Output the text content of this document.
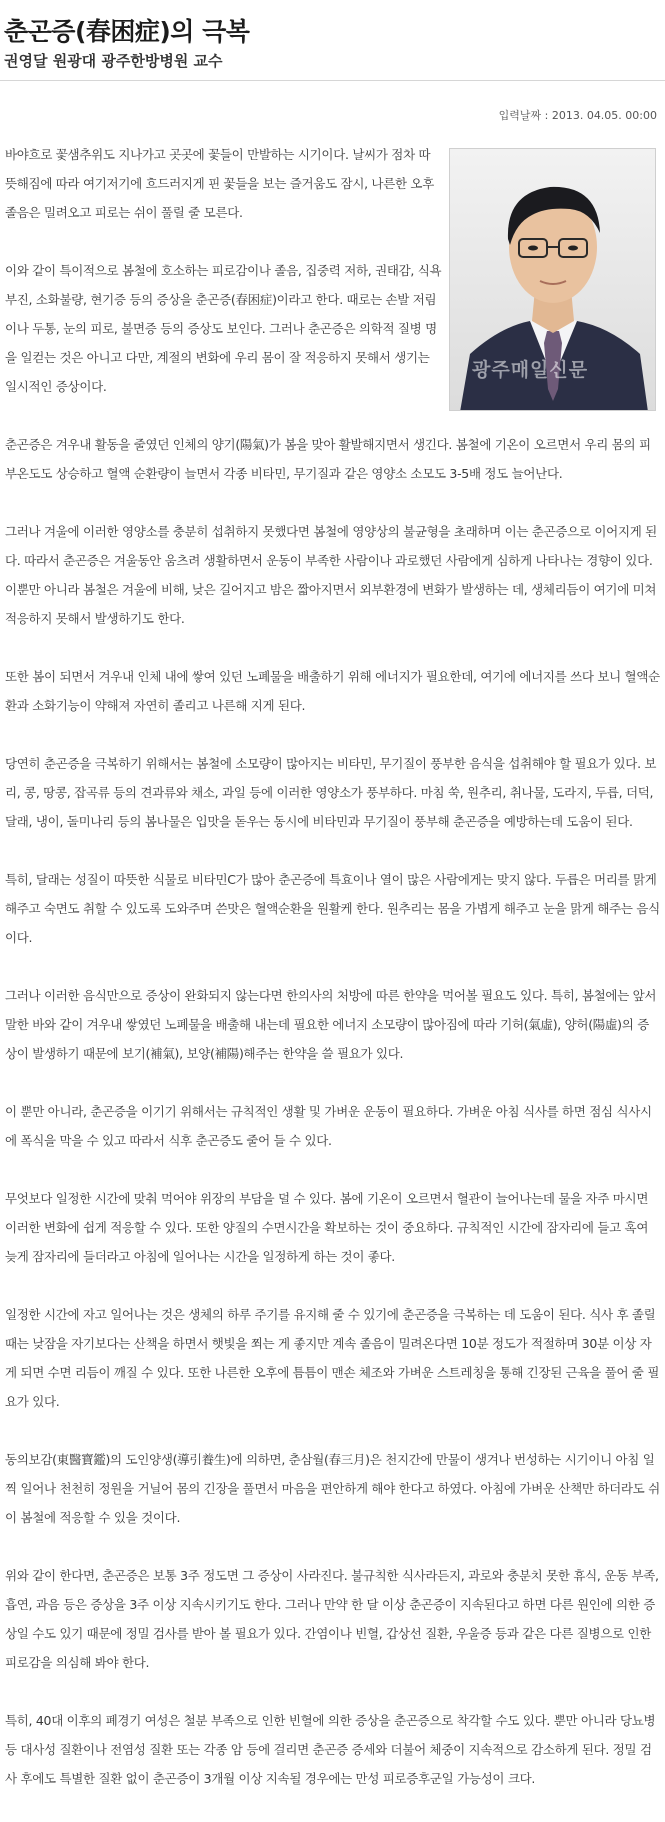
춘곤증(春困症)의 극복
권영달 원광대 광주한방병원 교수
입력날짜 : 2013. 04.05. 00:00
광주매일신문

바야흐로 꽃샘추위도 지나가고 곳곳에 꽃들이 만발하는 시기이다. 날씨가 점차 따뜻해짐에 따라 여기저기에 흐드러지게 핀 꽃들을 보는 즐거움도 잠시, 나른한 오후 졸음은 밀려오고 피로는 쉬이 풀릴 줄 모른다.

이와 같이 특이적으로 봄철에 호소하는 피로감이나 졸음, 집중력 저하, 권태감, 식욕부진, 소화불량, 현기증 등의 증상을 춘곤증(春困症)이라고 한다. 때로는 손발 저림이나 두통, 눈의 피로, 불면증 등의 증상도 보인다. 그러나 춘곤증은 의학적 질병 명을 일컫는 것은 아니고 다만, 계절의 변화에 우리 몸이 잘 적응하지 못해서 생기는 일시적인 증상이다.

춘곤증은 겨우내 활동을 줄였던 인체의 양기(陽氣)가 봄을 맞아 활발해지면서 생긴다. 봄철에 기온이 오르면서 우리 몸의 피부온도도 상승하고 혈액 순환량이 늘면서 각종 비타민, 무기질과 같은 영양소 소모도 3-5배 정도 늘어난다.

그러나 겨울에 이러한 영양소를 충분히 섭취하지 못했다면 봄철에 영양상의 불균형을 초래하며 이는 춘곤증으로 이어지게 된다. 따라서 춘곤증은 겨울동안 움츠려 생활하면서 운동이 부족한 사람이나 과로했던 사람에게 심하게 나타나는 경향이 있다. 이뿐만 아니라 봄철은 겨울에 비해, 낮은 길어지고 밤은 짧아지면서 외부환경에 변화가 발생하는 데, 생체리듬이 여기에 미쳐 적응하지 못해서 발생하기도 한다.

또한 봄이 되면서 겨우내 인체 내에 쌓여 있던 노폐물을 배출하기 위해 에너지가 필요한데, 여기에 에너지를 쓰다 보니 혈액순환과 소화기능이 약해져 자연히 졸리고 나른해 지게 된다.

당연히 춘곤증을 극복하기 위해서는 봄철에 소모량이 많아지는 비타민, 무기질이 풍부한 음식을 섭취해야 할 필요가 있다. 보리, 콩, 땅콩, 잡곡류 등의 견과류와 채소, 과일 등에 이러한 영양소가 풍부하다. 마침 쑥, 원추리, 취나물, 도라지, 두릅, 더덕, 달래, 냉이, 돌미나리 등의 봄나물은 입맛을 돋우는 동시에 비타민과 무기질이 풍부해 춘곤증을 예방하는데 도움이 된다.

특히, 달래는 성질이 따뜻한 식물로 비타민C가 많아 춘곤증에 특효이나 열이 많은 사람에게는 맞지 않다. 두릅은 머리를 맑게 해주고 숙면도 취할 수 있도록 도와주며 쓴맛은 혈액순환을 원활케 한다. 원추리는 몸을 가볍게 해주고 눈을 맑게 해주는 음식이다.

그러나 이러한 음식만으로 증상이 완화되지 않는다면 한의사의 처방에 따른 한약을 먹어볼 필요도 있다. 특히, 봄철에는 앞서 말한 바와 같이 겨우내 쌓였던 노폐물을 배출해 내는데 필요한 에너지 소모량이 많아짐에 따라 기허(氣虛), 양허(陽虛)의 증상이 발생하기 때문에 보기(補氣), 보양(補陽)해주는 한약을 쓸 필요가 있다.

이 뿐만 아니라, 춘곤증을 이기기 위해서는 규칙적인 생활 및 가벼운 운동이 필요하다. 가벼운 아침 식사를 하면 점심 식사시에 폭식을 막을 수 있고 따라서 식후 춘곤증도 줄어 들 수 있다.

무엇보다 일정한 시간에 맞춰 먹어야 위장의 부담을 덜 수 있다. 봄에 기온이 오르면서 혈관이 늘어나는데 물을 자주 마시면 이러한 변화에 쉽게 적응할 수 있다. 또한 양질의 수면시간을 확보하는 것이 중요하다. 규칙적인 시간에 잠자리에 들고 혹여 늦게 잠자리에 들더라고 아침에 일어나는 시간을 일정하게 하는 것이 좋다.

일정한 시간에 자고 일어나는 것은 생체의 하루 주기를 유지해 줄 수 있기에 춘곤증을 극복하는 데 도움이 된다. 식사 후 졸릴 때는 낮잠을 자기보다는 산책을 하면서 햇빛을 쬐는 게 좋지만 계속 졸음이 밀려온다면 10분 정도가 적절하며 30분 이상 자게 되면 수면 리듬이 깨질 수 있다. 또한 나른한 오후에 틈틈이 맨손 체조와 가벼운 스트레칭을 통해 긴장된 근육을 풀어 줄 필요가 있다.

동의보감(東醫寶鑑)의 도인양생(導引養生)에 의하면, 춘삼월(春三月)은 천지간에 만물이 생겨나 번성하는 시기이니 아침 일찍 일어나 천천히 정원을 거닐어 몸의 긴장을 풀면서 마음을 편안하게 해야 한다고 하였다. 아침에 가벼운 산책만 하더라도 쉬이 봄철에 적응할 수 있을 것이다.

위와 같이 한다면, 춘곤증은 보통 3주 정도면 그 증상이 사라진다. 불규칙한 식사라든지, 과로와 충분치 못한 휴식, 운동 부족, 흡연, 과음 등은 증상을 3주 이상 지속시키기도 한다. 그러나 만약 한 달 이상 춘곤증이 지속된다고 하면 다른 원인에 의한 증상일 수도 있기 때문에 정밀 검사를 받아 볼 필요가 있다. 간염이나 빈혈, 갑상선 질환, 우울증 등과 같은 다른 질병으로 인한 피로감을 의심해 봐야 한다.

특히, 40대 이후의 폐경기 여성은 철분 부족으로 인한 빈혈에 의한 증상을 춘곤증으로 착각할 수도 있다. 뿐만 아니라 당뇨병 등 대사성 질환이나 전염성 질환 또는 각종 암 등에 걸리면 춘곤증 증세와 더불어 체중이 지속적으로 감소하게 된다. 정밀 검사 후에도 특별한 질환 없이 춘곤증이 3개월 이상 지속될 경우에는 만성 피로증후군일 가능성이 크다.
